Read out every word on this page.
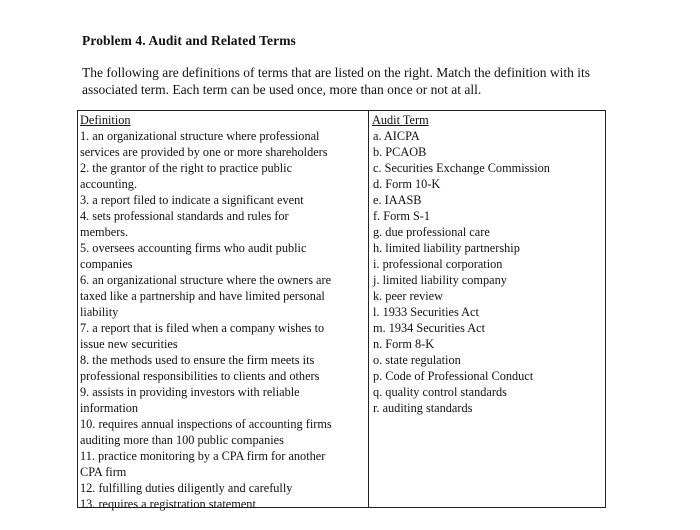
Problem 4. Audit and Related Terms
The following are definitions of terms that are listed on the right. Match the definition with its associated term. Each term can be used once, more than once or not at all.
Definition
1. an organizational structure where professional
services are provided by one or more shareholders
2. the grantor of the right to practice public
accounting.
3. a report filed to indicate a significant event
4. sets professional standards and rules for
members.
5. oversees accounting firms who audit public
companies
6. an organizational structure where the owners are
taxed like a partnership and have limited personal
liability
7. a report that is filed when a company wishes to
issue new securities
8. the methods used to ensure the firm meets its
professional responsibilities to clients and others
9. assists in providing investors with reliable
information
10. requires annual inspections of accounting firms
auditing more than 100 public companies
11. practice monitoring by a CPA firm for another
CPA firm
12. fulfilling duties diligently and carefully
13. requires a registration statement
Audit Term
a. AICPA
b. PCAOB
c. Securities Exchange Commission
d. Form 10-K
e. IAASB
f. Form S-1
g. due professional care
h. limited liability partnership
i. professional corporation
j. limited liability company
k. peer review
l. 1933 Securities Act
m. 1934 Securities Act
n. Form 8-K
o. state regulation
p. Code of Professional Conduct
q. quality control standards
r. auditing standards
